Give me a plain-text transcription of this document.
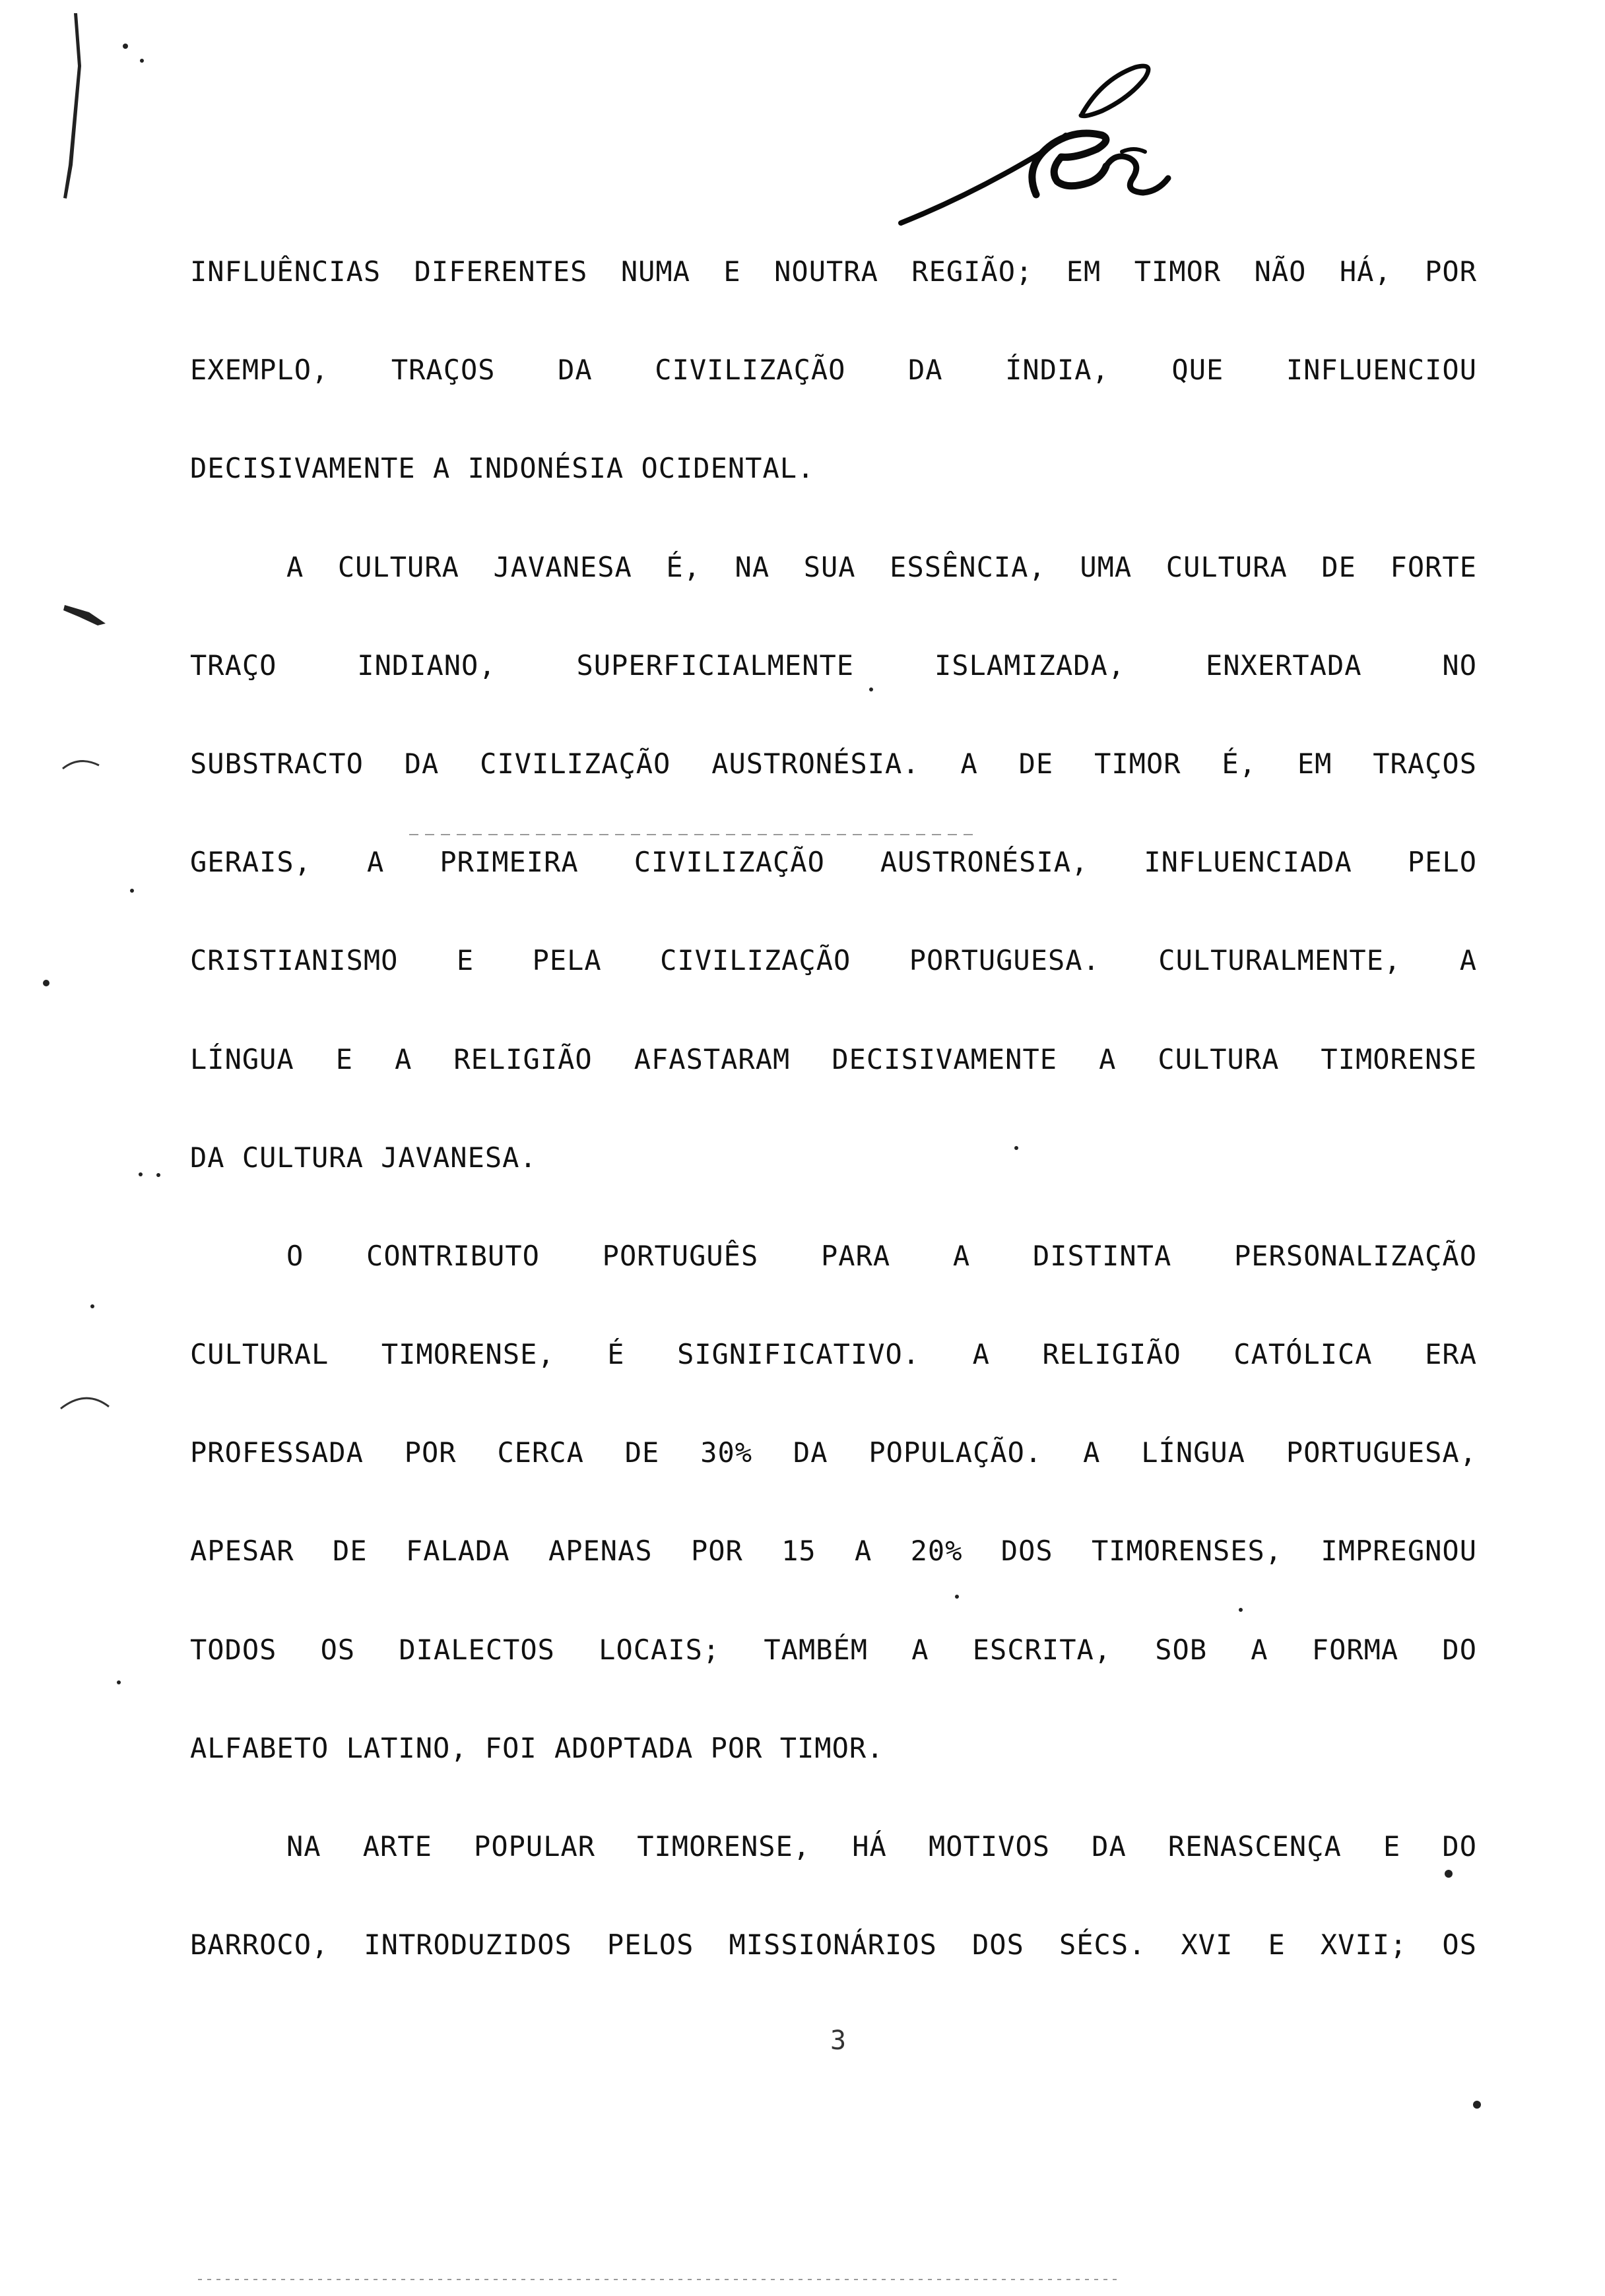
INFLUÊNCIAS DIFERENTES NUMA E NOUTRA REGIÃO; EM TIMOR NÃO HÁ, POR
EXEMPLO, TRAÇOS DA CIVILIZAÇÃO DA ÍNDIA, QUE INFLUENCIOU
DECISIVAMENTE A INDONÉSIA OCIDENTAL.
A CULTURA JAVANESA É, NA SUA ESSÊNCIA, UMA CULTURA DE FORTE
TRAÇO INDIANO, SUPERFICIALMENTE ISLAMIZADA, ENXERTADA NO
SUBSTRACTO DA CIVILIZAÇÃO AUSTRONÉSIA. A DE TIMOR É, EM TRAÇOS
GERAIS, A PRIMEIRA CIVILIZAÇÃO AUSTRONÉSIA, INFLUENCIADA PELO
CRISTIANISMO E PELA CIVILIZAÇÃO PORTUGUESA. CULTURALMENTE, A
LÍNGUA E A RELIGIÃO AFASTARAM DECISIVAMENTE A CULTURA TIMORENSE
DA CULTURA JAVANESA.
O CONTRIBUTO PORTUGUÊS PARA A DISTINTA PERSONALIZAÇÃO
CULTURAL TIMORENSE, É SIGNIFICATIVO. A RELIGIÃO CATÓLICA ERA
PROFESSADA POR CERCA DE 30% DA POPULAÇÃO. A LÍNGUA PORTUGUESA,
APESAR DE FALADA APENAS POR 15 A 20% DOS TIMORENSES, IMPREGNOU
TODOS OS DIALECTOS LOCAIS; TAMBÉM A ESCRITA, SOB A FORMA DO
ALFABETO LATINO, FOI ADOPTADA POR TIMOR.
NA ARTE POPULAR TIMORENSE, HÁ MOTIVOS DA RENASCENÇA E DO
BARROCO, INTRODUZIDOS PELOS MISSIONÁRIOS DOS SÉCS. XVI E XVII; OS
3
